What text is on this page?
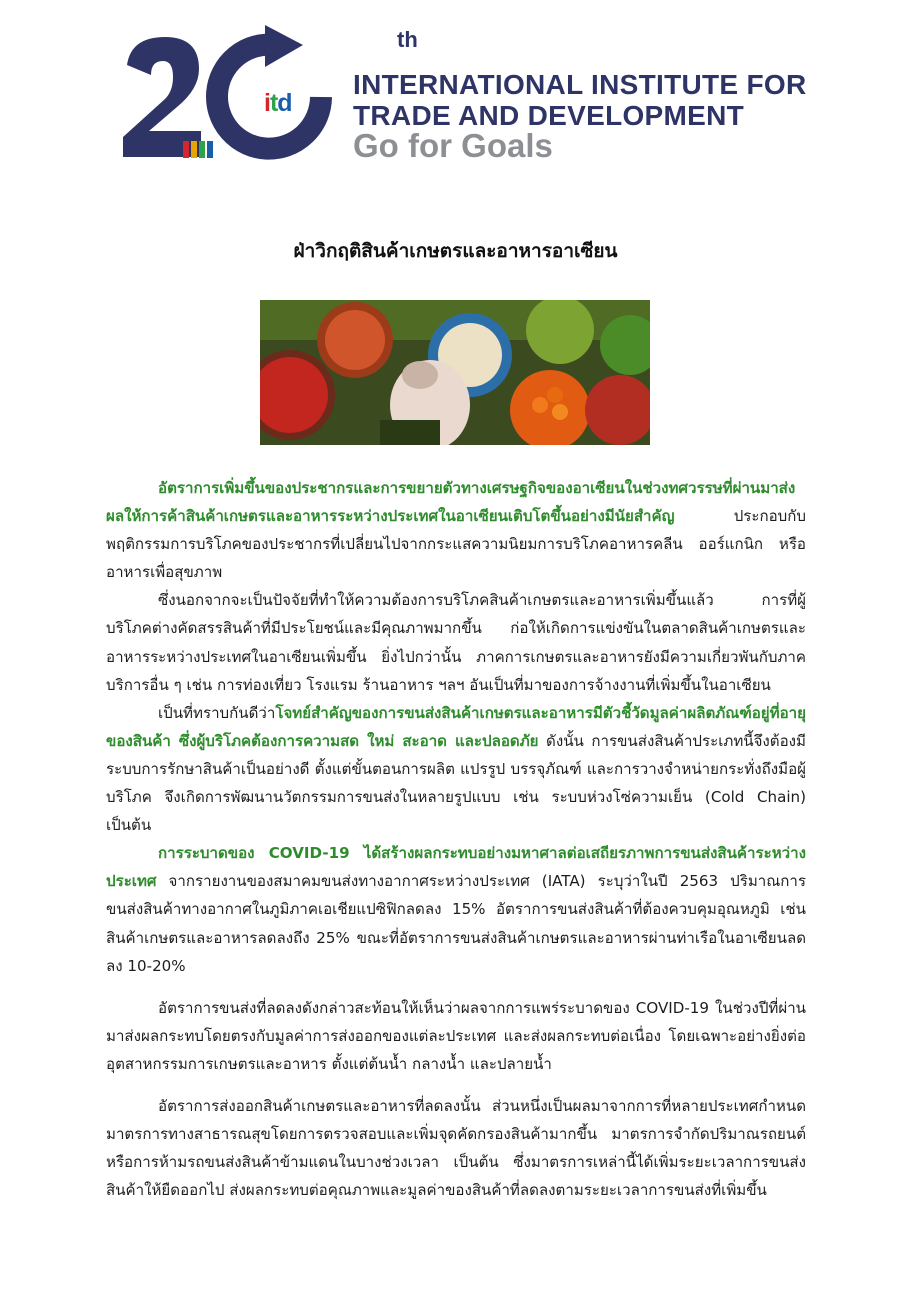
th
itd
INTERNATIONAL INSTITUTE FOR
TRADE AND DEVELOPMENT
Go for Goals
ฝ่าวิกฤติสินค้าเกษตรและอาหารอาเซียน

อัตราการเพิ่มขึ้นของประชากรและการขยายตัวทางเศรษฐกิจของอาเซียนในช่วงทศวรรษที่ผ่านมาส่งผลให้การค้าสินค้าเกษตรและอาหารระหว่างประเทศในอาเซียนเติบโตขึ้นอย่างมีนัยสำคัญ ประกอบกับพฤติกรรมการบริโภคของประชากรที่เปลี่ยนไปจากกระแสความนิยมการบริโภคอาหารคลีน ออร์แกนิก หรืออาหารเพื่อสุขภาพ

ซึ่งนอกจากจะเป็นปัจจัยที่ทำให้ความต้องการบริโภคสินค้าเกษตรและอาหารเพิ่มขึ้นแล้ว การที่ผู้บริโภคต่างคัดสรรสินค้าที่มีประโยชน์และมีคุณภาพมากขึ้น ก่อให้เกิดการแข่งขันในตลาดสินค้าเกษตรและอาหารระหว่างประเทศในอาเซียนเพิ่มขึ้น ยิ่งไปกว่านั้น ภาคการเกษตรและอาหารยังมีความเกี่ยวพันกับภาคบริการอื่น ๆ เช่น การท่องเที่ยว โรงแรม ร้านอาหาร ฯลฯ อันเป็นที่มาของการจ้างงานที่เพิ่มขึ้นในอาเซียน

เป็นที่ทราบกันดีว่าโจทย์สำคัญของการขนส่งสินค้าเกษตรและอาหารมีตัวชี้วัดมูลค่าผลิตภัณฑ์อยู่ที่อายุของสินค้า ซึ่งผู้บริโภคต้องการความสด ใหม่ สะอาด และปลอดภัย ดังนั้น การขนส่งสินค้าประเภทนี้จึงต้องมีระบบการรักษาสินค้าเป็นอย่างดี ตั้งแต่ขั้นตอนการผลิต แปรรูป บรรจุภัณฑ์ และการวางจำหน่ายกระทั่งถึงมือผู้บริโภค จึงเกิดการพัฒนานวัตกรรมการขนส่งในหลายรูปแบบ เช่น ระบบห่วงโซ่ความเย็น (Cold Chain) เป็นต้น

การระบาดของ COVID-19 ได้สร้างผลกระทบอย่างมหาศาลต่อเสถียรภาพการขนส่งสินค้าระหว่างประเทศ จากรายงานของสมาคมขนส่งทางอากาศระหว่างประเทศ (IATA) ระบุว่าในปี 2563 ปริมาณการขนส่งสินค้าทางอากาศในภูมิภาคเอเชียแปซิฟิกลดลง 15% อัตราการขนส่งสินค้าที่ต้องควบคุมอุณหภูมิ เช่น สินค้าเกษตรและอาหารลดลงถึง 25% ขณะที่อัตราการขนส่งสินค้าเกษตรและอาหารผ่านท่าเรือในอาเซียนลดลง 10-20%

อัตราการขนส่งที่ลดลงดังกล่าวสะท้อนให้เห็นว่าผลจากการแพร่ระบาดของ COVID-19 ในช่วงปีที่ผ่านมาส่งผลกระทบโดยตรงกับมูลค่าการส่งออกของแต่ละประเทศ และส่งผลกระทบต่อเนื่อง โดยเฉพาะอย่างยิ่งต่ออุตสาหกรรมการเกษตรและอาหาร ตั้งแต่ต้นน้ำ กลางน้ำ และปลายน้ำ

อัตราการส่งออกสินค้าเกษตรและอาหารที่ลดลงนั้น ส่วนหนึ่งเป็นผลมาจากการที่หลายประเทศกำหนดมาตรการทางสาธารณสุขโดยการตรวจสอบและเพิ่มจุดคัดกรองสินค้ามากขึ้น มาตรการจำกัดปริมาณรถยนต์ หรือการห้ามรถขนส่งสินค้าข้ามแดนในบางช่วงเวลา เป็นต้น ซึ่งมาตรการเหล่านี้ได้เพิ่มระยะเวลาการขนส่งสินค้าให้ยืดออกไป ส่งผลกระทบต่อคุณภาพและมูลค่าของสินค้าที่ลดลงตามระยะเวลาการขนส่งที่เพิ่มขึ้น
